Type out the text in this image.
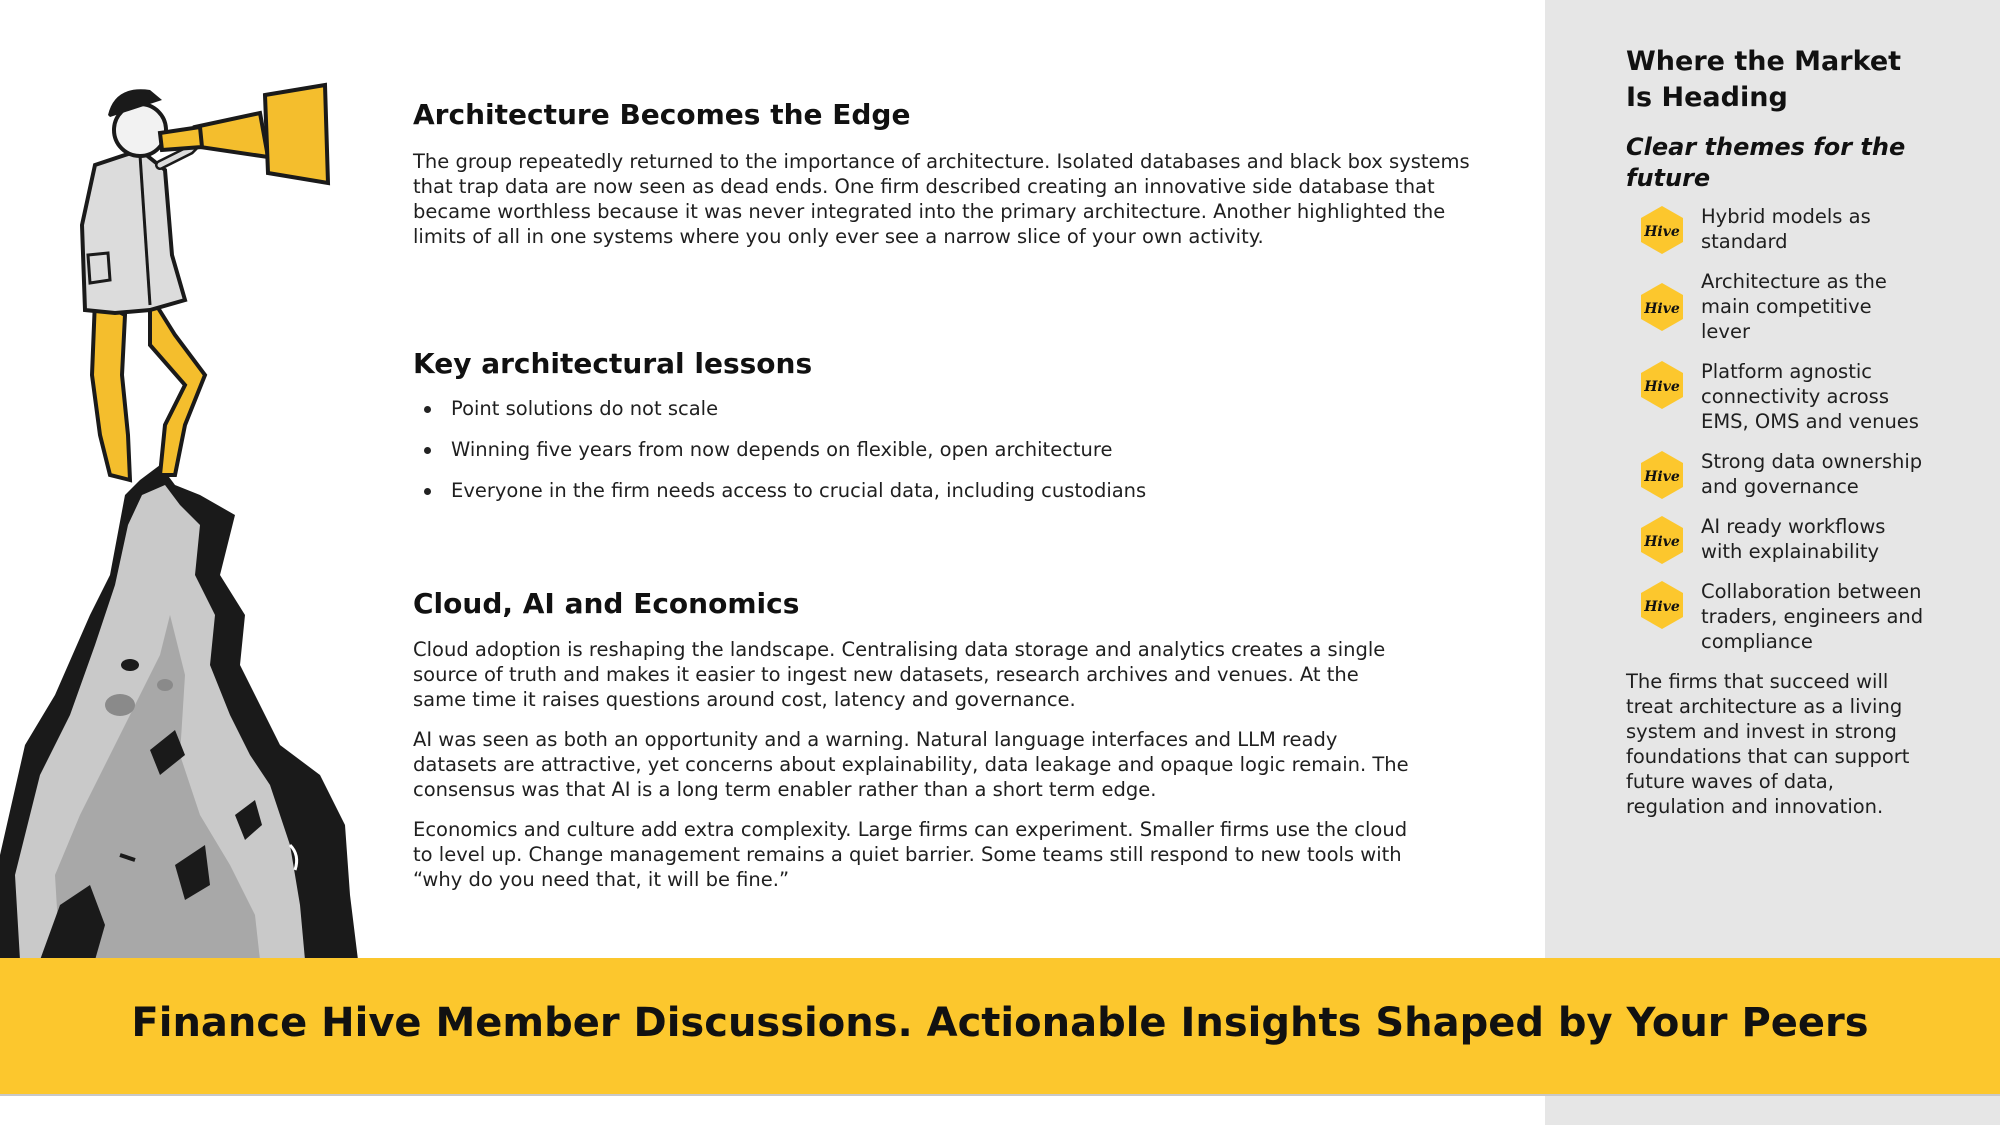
Architecture Becomes the Edge

The group repeatedly returned to the importance of architecture. Isolated databases and black box systems that trap data are now seen as dead ends. One firm described creating an innovative side database that became worthless because it was never integrated into the primary architecture. Another highlighted the limits of all in one systems where you only ever see a narrow slice of your own activity.

Key architectural lessons
Point solutions do not scale
Winning five years from now depends on flexible, open architecture
Everyone in the firm needs access to crucial data, including custodians
Cloud, AI and Economics

Cloud adoption is reshaping the landscape. Centralising data storage and analytics creates a single source of truth and makes it easier to ingest new datasets, research archives and venues. At the same time it raises questions around cost, latency and governance.

AI was seen as both an opportunity and a warning. Natural language interfaces and LLM ready datasets are attractive, yet concerns about explainability, data leakage and opaque logic remain. The consensus was that AI is a long term enabler rather than a short term edge.

Economics and culture add extra complexity. Large firms can experiment. Smaller firms use the cloud to level up. Change management remains a quiet barrier. Some teams still respond to new tools with “why do you need that, it will be fine.”

Where the Market Is Heading

Clear themes for the future

Hive
Hybrid models as standard
Hive
Architecture as the main competitive lever
Hive
Platform agnostic connectivity across EMS, OMS and venues
Hive
Strong data ownership and governance
Hive
AI ready workflows with explainability
Hive
Collaboration between traders, engineers and compliance

The firms that succeed will treat architecture as a living system and invest in strong foundations that can support future waves of data, regulation and innovation.

Finance Hive Member Discussions. Actionable Insights Shaped by Your Peers
